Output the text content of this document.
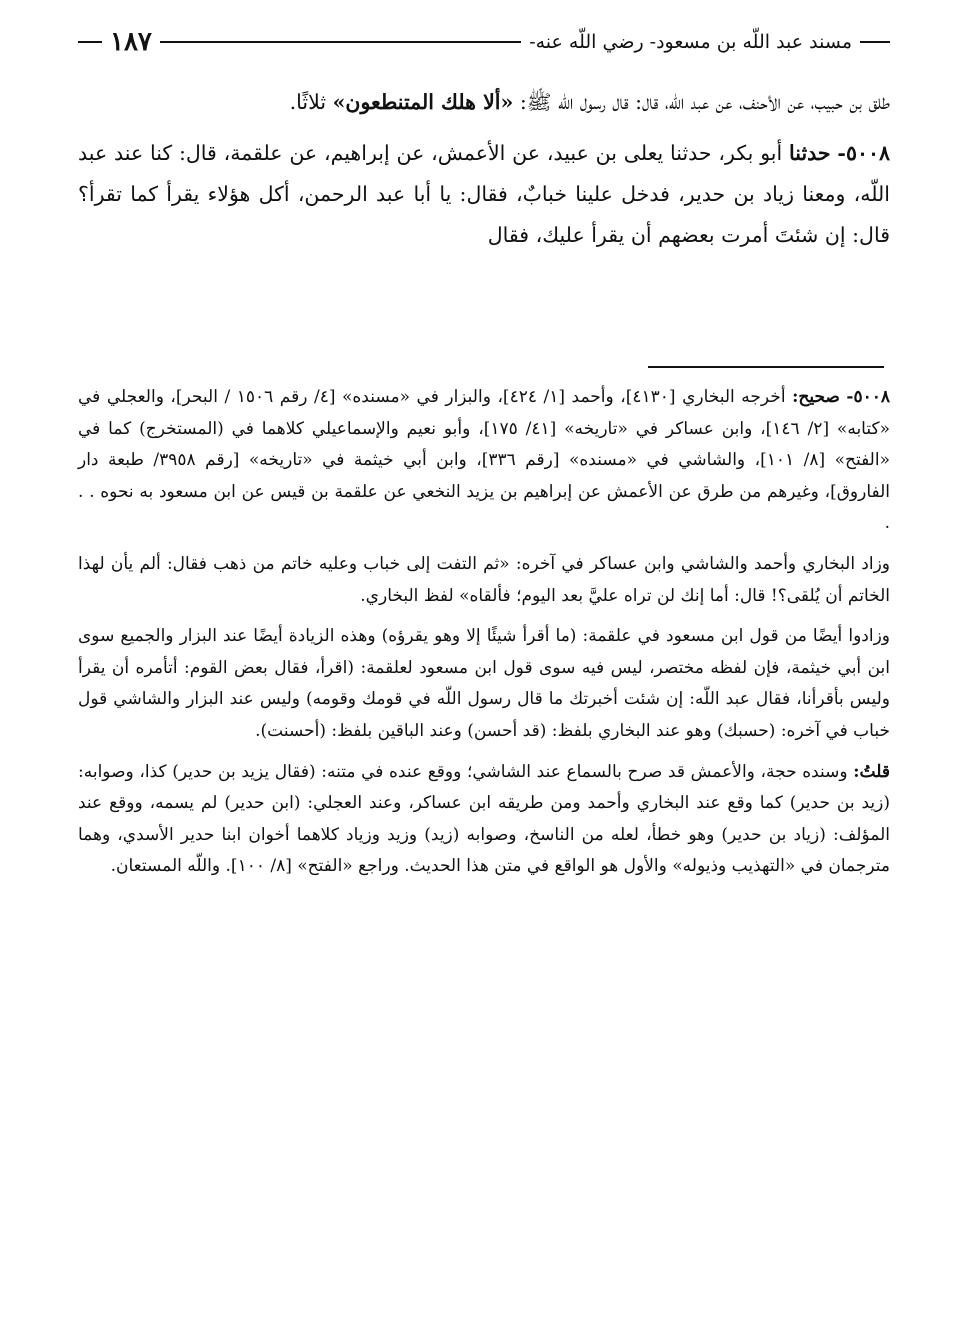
مسند عبد اللّه بن مسعود- رضي اللّه عنه-
١٨٧

طلق بن حبيب، عن الأحنف، عن عبد اللّه، قال: قال رسول اللّه ﷺ: «ألا هلك المتنطعون» ثلاثًا.

٥٠٠٨- حدثنا أبو بكر، حدثنا يعلى بن عبيد، عن الأعمش، عن إبراهيم، عن علقمة، قال: كنا عند عبد اللّه، ومعنا زياد بن حدير، فدخل علينا خبابٌ، فقال: يا أبا عبد الرحمن، أكل هؤلاء يقرأ كما تقرأ؟ قال: إن شئتَ أمرت بعضهم أن يقرأ عليك، فقال

٥٠٠٨- صحيح: أخرجه البخاري [٤١٣٠]، وأحمد [١/ ٤٢٤]، والبزار في «مسنده» [٤/ رقم ١٥٠٦ / البحر]، والعجلي في «كتابه» [٢/ ١٤٦]، وابن عساكر في «تاريخه» [٤١/ ١٧٥]، وأبو نعيم والإسماعيلي كلاهما في (المستخرج) كما في «الفتح» [٨/ ١٠١]، والشاشي في «مسنده» [رقم ٣٣٦]، وابن أبي خيثمة في «تاريخه» [رقم ٣٩٥٨/ طبعة دار الفاروق]، وغيرهم من طرق عن الأعمش عن إبراهيم بن يزيد النخعي عن علقمة بن قيس عن ابن مسعود به نحوه . . .

وزاد البخاري وأحمد والشاشي وابن عساكر في آخره: «ثم التفت إلى خباب وعليه خاتم من ذهب فقال: ألم يأن لهذا الخاتم أن يُلقى؟! قال: أما إنك لن تراه عليَّ بعد اليوم؛ فألقاه» لفظ البخاري.

وزادوا أيضًا من قول ابن مسعود في علقمة: (ما أقرأ شيئًا إلا وهو يقرؤه) وهذه الزيادة أيضًا عند البزار والجميع سوى ابن أبي خيثمة، فإن لفظه مختصر، ليس فيه سوى قول ابن مسعود لعلقمة: (اقرأ، فقال بعض القوم: أتأمره أن يقرأ وليس بأقرأنا، فقال عبد اللّه: إن شئت أخبرتك ما قال رسول اللّه في قومك وقومه) وليس عند البزار والشاشي قول خباب في آخره: (حسبك) وهو عند البخاري بلفظ: (قد أحسن) وعند الباقين بلفظ: (أحسنت).

قلتُ: وسنده حجة، والأعمش قد صرح بالسماع عند الشاشي؛ ووقع عنده في متنه: (فقال يزيد بن حدير) كذا، وصوابه: (زيد بن حدير) كما وقع عند البخاري وأحمد ومن طريقه ابن عساكر، وعند العجلي: (ابن حدير) لم يسمه، ووقع عند المؤلف: (زياد بن حدير) وهو خطأ، لعله من الناسخ، وصوابه (زيد) وزيد وزياد كلاهما أخوان ابنا حدير الأسدي، وهما مترجمان في «التهذيب وذيوله» والأول هو الواقع في متن هذا الحديث. وراجع «الفتح» [٨/ ١٠٠]. واللّه المستعان.
